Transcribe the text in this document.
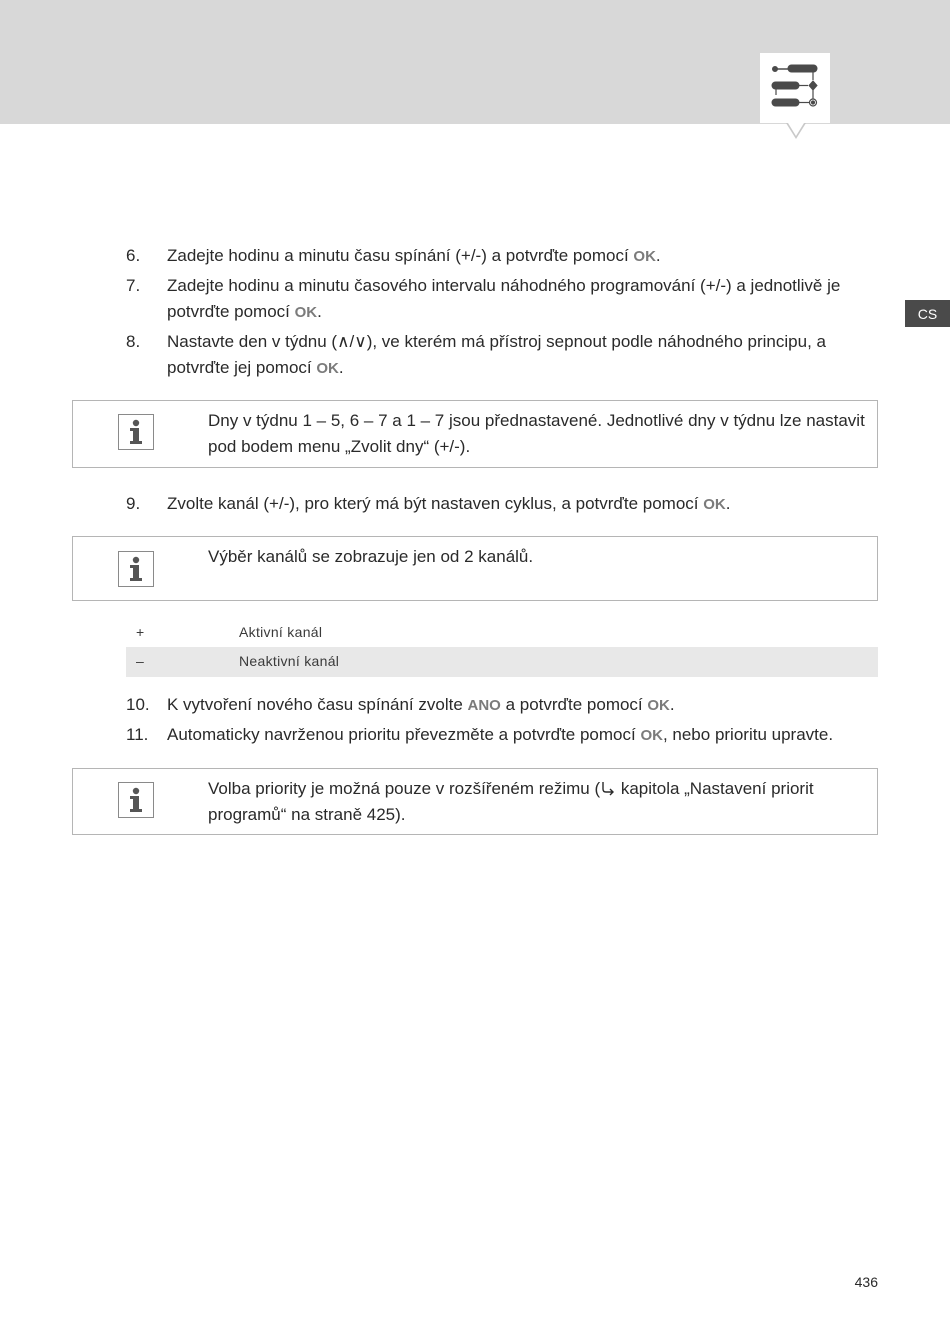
CS
6.	Zadejte hodinu a minutu času spínání (+/-) a potvrďte pomocí OK.
7.	Zadejte hodinu a minutu časového intervalu náhodného programování (+/-) a jednotlivě je potvrďte pomocí OK.
8.	Nastavte den v týdnu (∧/∨), ve kterém má přístroj sepnout podle náhodného principu, a potvrďte jej pomocí OK.
Dny v týdnu 1 – 5, 6 – 7 a 1 – 7 jsou přednastavené. Jednotlivé dny v týdnu lze nastavit pod bodem menu „Zvolit dny“ (+/-).
9.	Zvolte kanál (+/-), pro který má být nastaven cyklus, a potvrďte pomocí OK.
Výběr kanálů se zobrazuje jen od 2 kanálů.
+	Aktivní kanál
–	Neaktivní kanál
10.	K vytvoření nového času spínání zvolte ANO a potvrďte pomocí OK.
11.	Automaticky navrženou prioritu převezměte a potvrďte pomocí OK, nebo prioritu upravte.
Volba priority je možná pouze v rozšířeném režimu ( kapitola „Nastavení priorit programů“ na straně 425).
436
